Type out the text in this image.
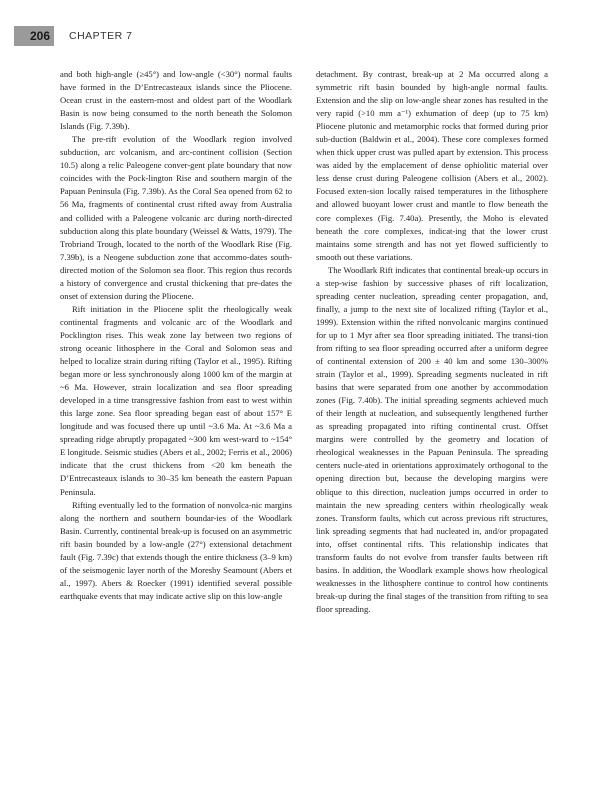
206 CHAPTER 7

and both high-angle (≥45°) and low-angle (<30°) normal faults have formed in the D’Entrecasteaux islands since the Pliocene. Ocean crust in the eastern-most and oldest part of the Woodlark Basin is now being consumed to the north beneath the Solomon Islands (Fig. 7.39b).

The pre-rift evolution of the Woodlark region involved subduction, arc volcanism, and arc-continent collision (Section 10.5) along a relic Paleogene conver-gent plate boundary that now coincides with the Pock-lington Rise and southern margin of the Papuan Peninsula (Fig. 7.39b). As the Coral Sea opened from 62 to 56 Ma, fragments of continental crust rifted away from Australia and collided with a Paleogene volcanic arc during north-directed subduction along this plate boundary (Weissel & Watts, 1979). The Trobriand Trough, located to the north of the Woodlark Rise (Fig. 7.39b), is a Neogene subduction zone that accommo-dates south-directed motion of the Solomon sea floor. This region thus records a history of convergence and crustal thickening that pre-dates the onset of extension during the Pliocene.

Rift initiation in the Pliocene split the rheologically weak continental fragments and volcanic arc of the Woodlark and Pocklington rises. This weak zone lay between two regions of strong oceanic lithosphere in the Coral and Solomon seas and helped to localize strain during rifting (Taylor et al., 1995). Rifting began more or less synchronously along 1000 km of the margin at ~6 Ma. However, strain localization and sea floor spreading developed in a time transgressive fashion from east to west within this large zone. Sea floor spreading began east of about 157° E longitude and was focused there up until ~3.6 Ma. At ~3.6 Ma a spreading ridge abruptly propagated ~300 km west-ward to ~154° E longitude. Seismic studies (Abers et al., 2002; Ferris et al., 2006) indicate that the crust thickens from <20 km beneath the D’Entrecasteaux islands to 30–35 km beneath the eastern Papuan Peninsula.

Rifting eventually led to the formation of nonvolca-nic margins along the northern and southern boundar-ies of the Woodlark Basin. Currently, continental break-up is focused on an asymmetric rift basin bounded by a low-angle (27°) extensional detachment fault (Fig. 7.39c) that extends though the entire thickness (3–9 km) of the seismogenic layer north of the Moresby Seamount (Abers et al., 1997). Abers & Roecker (1991) identified several possible earthquake events that may indicate active slip on this low-angle

detachment. By contrast, break-up at 2 Ma occurred along a symmetric rift basin bounded by high-angle normal faults. Extension and the slip on low-angle shear zones has resulted in the very rapid (>10 mm a⁻¹) exhumation of deep (up to 75 km) Pliocene plutonic and metamorphic rocks that formed during prior sub-duction (Baldwin et al., 2004). These core complexes formed when thick upper crust was pulled apart by extension. This process was aided by the emplacement of dense ophiolitic material over less dense crust during Paleogene collision (Abers et al., 2002). Focused exten-sion locally raised temperatures in the lithosphere and allowed buoyant lower crust and mantle to flow beneath the core complexes (Fig. 7.40a). Presently, the Moho is elevated beneath the core complexes, indicat-ing that the lower crust maintains some strength and has not yet flowed sufficiently to smooth out these variations.

The Woodlark Rift indicates that continental break-up occurs in a step-wise fashion by successive phases of rift localization, spreading center nucleation, spreading center propagation, and, finally, a jump to the next site of localized rifting (Taylor et al., 1999). Extension within the rifted nonvolcanic margins continued for up to 1 Myr after sea floor spreading initiated. The transi-tion from rifting to sea floor spreading occurred after a uniform degree of continental extension of 200 ± 40 km and some 130–300% strain (Taylor et al., 1999). Spreading segments nucleated in rift basins that were separated from one another by accommodation zones (Fig. 7.40b). The initial spreading segments achieved much of their length at nucleation, and subsequently lengthened further as spreading propagated into rifting continental crust. Offset margins were controlled by the geometry and location of rheological weaknesses in the Papuan Peninsula. The spreading centers nucle-ated in orientations approximately orthogonal to the opening direction but, because the developing margins were oblique to this direction, nucleation jumps occurred in order to maintain the new spreading centers within rheologically weak zones. Transform faults, which cut across previous rift structures, link spreading segments that had nucleated in, and/or propagated into, offset continental rifts. This relationship indicates that transform faults do not evolve from transfer faults between rift basins. In addition, the Woodlark example shows how rheological weaknesses in the lithosphere continue to control how continents break-up during the final stages of the transition from rifting to sea floor spreading.
